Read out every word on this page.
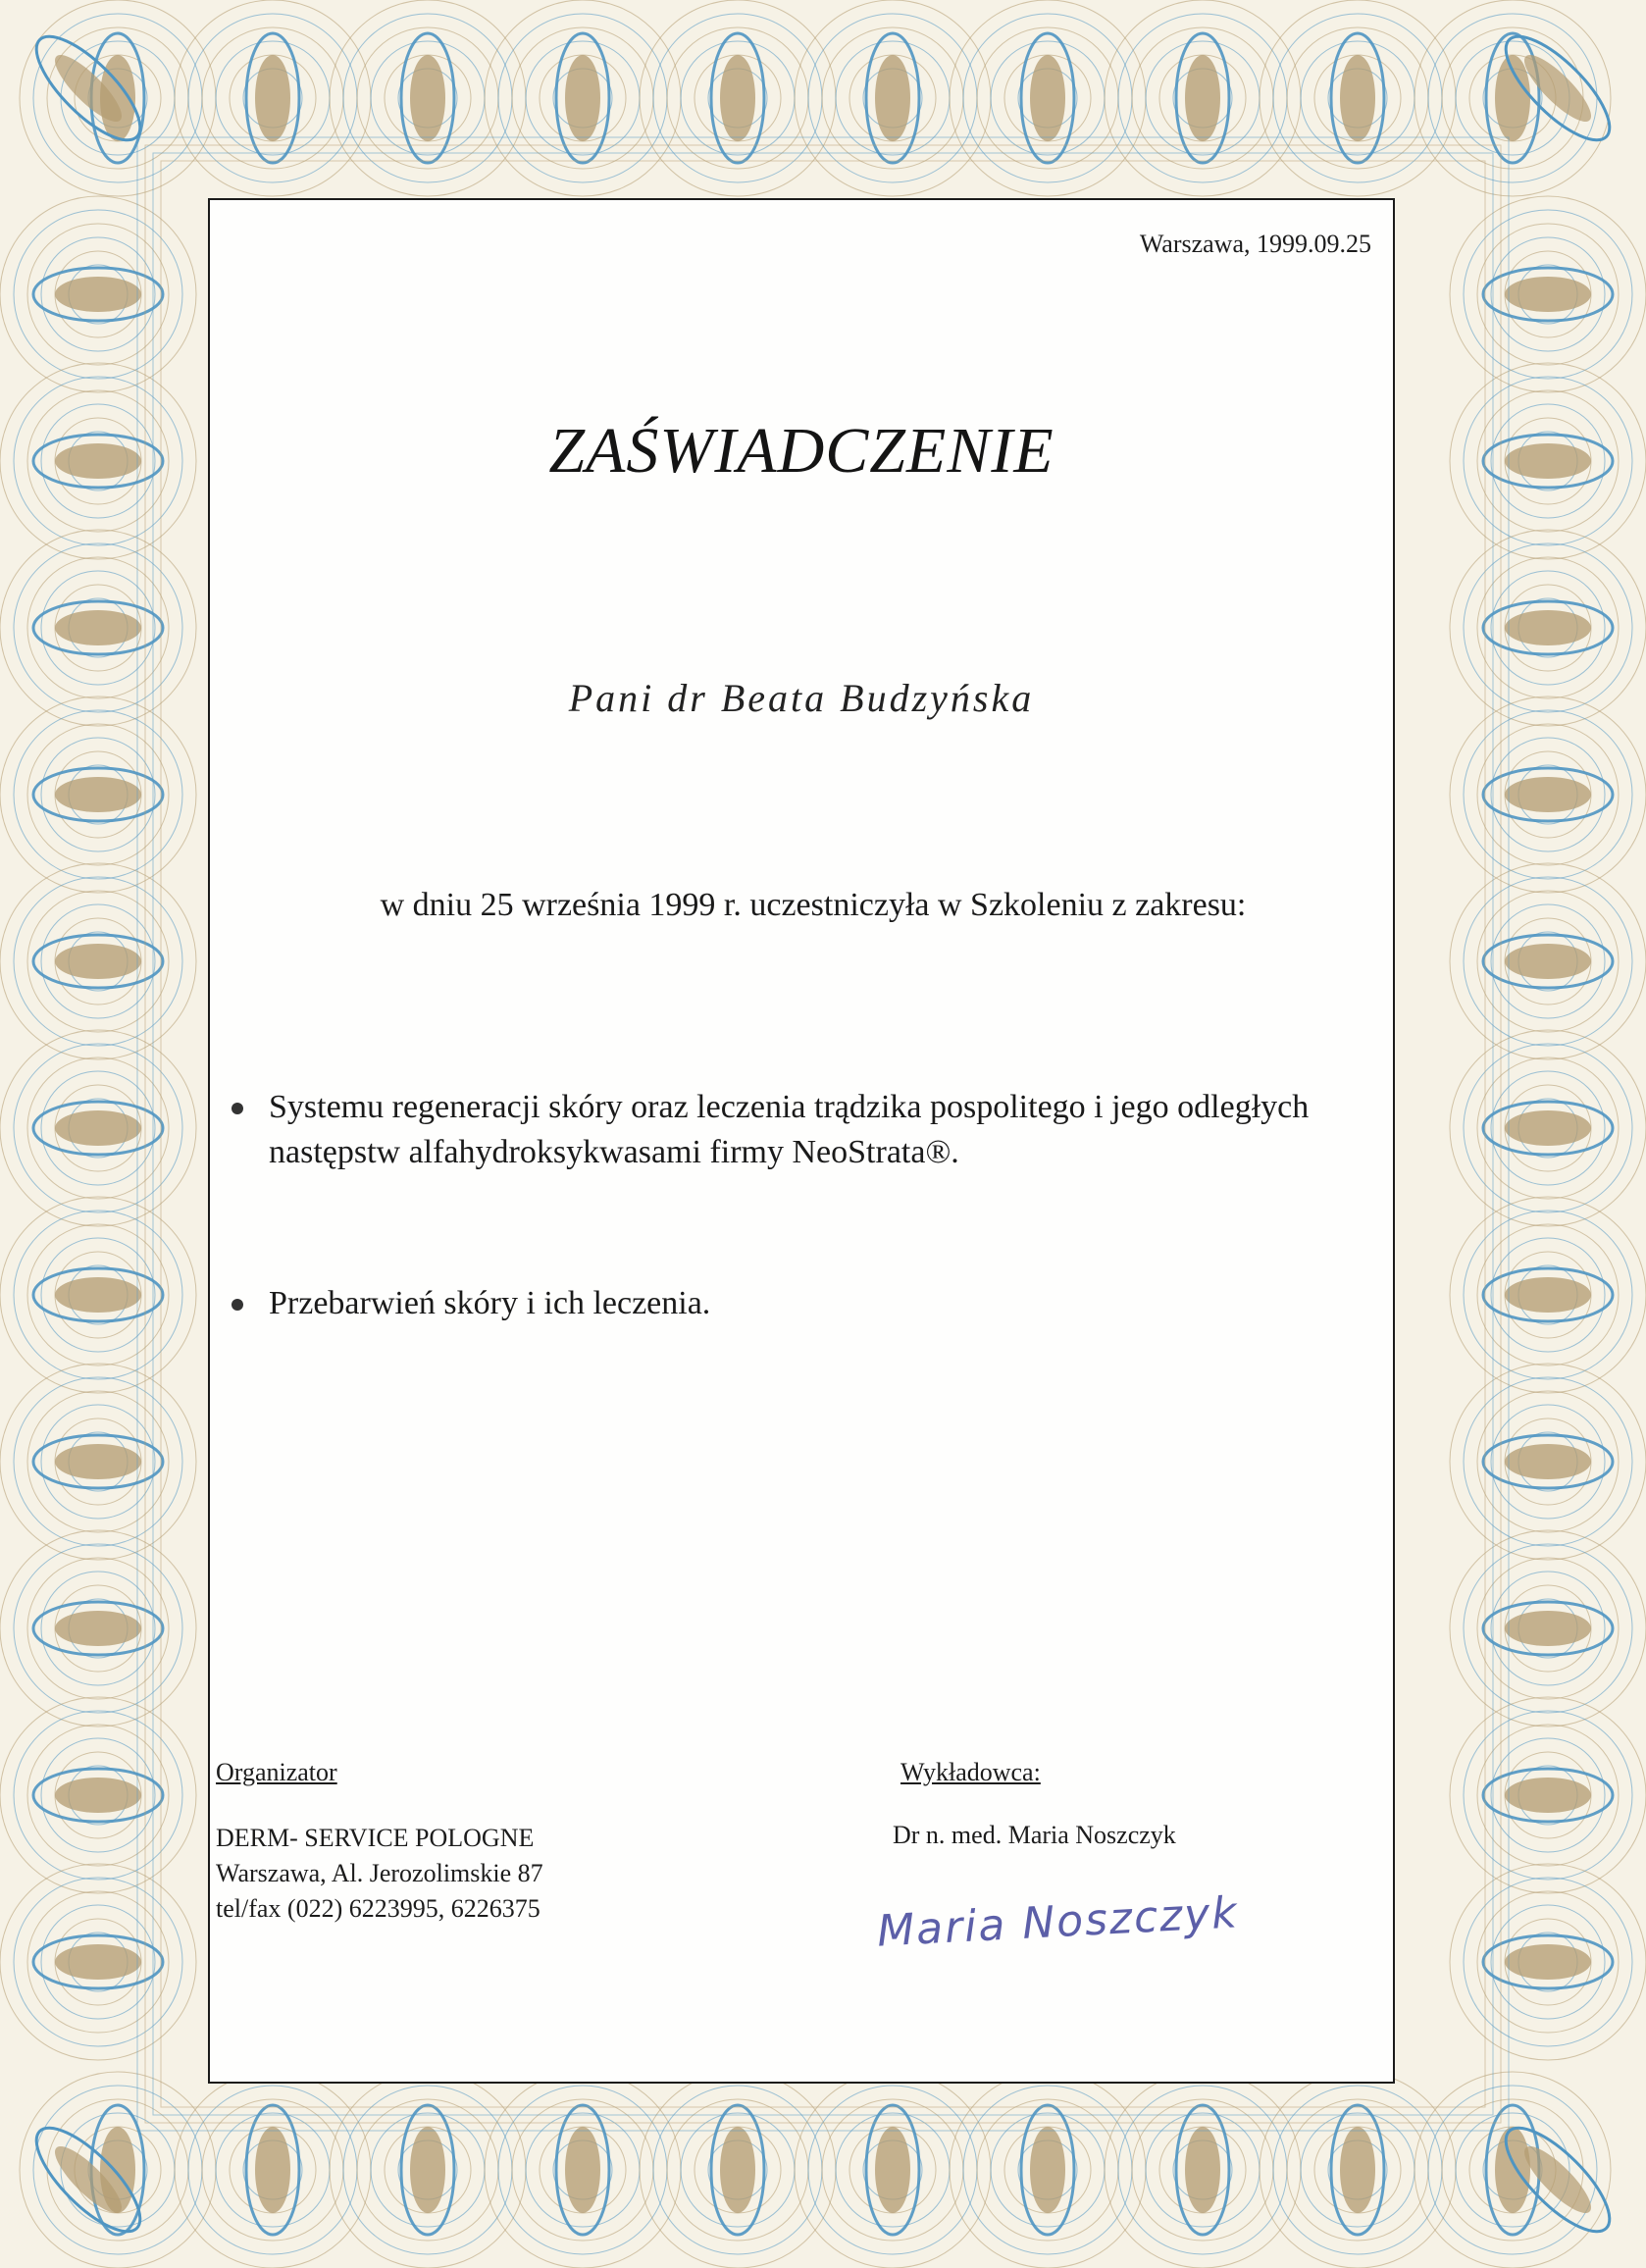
Warszawa, 1999.09.25
ZAŚWIADCZENIE
Pani dr Beata Budzyńska
w dniu 25 września 1999 r. uczestniczyła w Szkoleniu z zakresu:
Systemu regeneracji skóry oraz leczenia trądzika pospolitego i jego odległych następstw alfahydroksykwasami firmy NeoStrata®.
Przebarwień skóry i ich leczenia.
Organizator
DERM- SERVICE POLOGNE
Warszawa, Al. Jerozolimskie 87
tel/fax (022) 6223995, 6226375
Wykładowca:
Dr n. med. Maria Noszczyk
Maria Noszczyk
